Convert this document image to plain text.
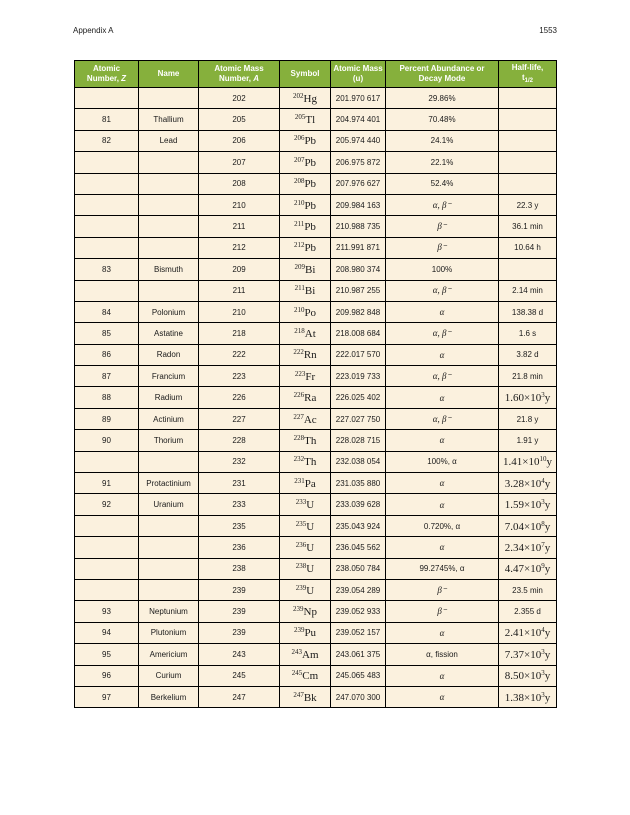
Appendix A	1553
Atomic Number, Z	Name	Atomic Mass Number, A	Symbol	Atomic Mass (u)	Percent Abundance or Decay Mode	Half-life,
$t_{1/2}$
		202	$^{202}$Hg	201.970 617	29.86%	
81	Thallium	205	$^{205}$Tl	204.974 401	70.48%	
82	Lead	206	$^{206}$Pb	205.974 440	24.1%	
		207	$^{207}$Pb	206.975 872	22.1%	
		208	$^{208}$Pb	207.976 627	52.4%	
		210	$^{210}$Pb	209.984 163	α, β⁻	22.3 y
		211	$^{211}$Pb	210.988 735	β⁻	36.1 min
		212	$^{212}$Pb	211.991 871	β⁻	10.64 h
83	Bismuth	209	$^{209}$Bi	208.980 374	100%	
		211	$^{211}$Bi	210.987 255	α, β⁻	2.14 min
84	Polonium	210	$^{210}$Po	209.982 848	α	138.38 d
85	Astatine	218	$^{218}$At	218.008 684	α, β⁻	1.6 s
86	Radon	222	$^{222}$Rn	222.017 570	α	3.82 d
87	Francium	223	$^{223}$Fr	223.019 733	α, β⁻	21.8 min
88	Radium	226	$^{226}$Ra	226.025 402	α	$1.60\times 10^3y$
89	Actinium	227	$^{227}$Ac	227.027 750	α, β⁻	21.8 y
90	Thorium	228	$^{228}$Th	228.028 715	α	1.91 y
		232	$^{232}$Th	232.038 054	100%, α	$1.41\times 10^{10}y$
91	Protactinium	231	$^{231}$Pa	231.035 880	α	$3.28\times 10^4y$
92	Uranium	233	$^{233}$U	233.039 628	α	$1.59\times 10^3y$
		235	$^{235}$U	235.043 924	0.720%, α	$7.04\times 10^8y$
		236	$^{236}$U	236.045 562	α	$2.34\times 10^7y$
		238	$^{238}$U	238.050 784	99.2745%, α	$4.47\times 10^9y$
		239	$^{239}$U	239.054 289	β⁻	23.5 min
93	Neptunium	239	$^{239}$Np	239.052 933	β⁻	2.355 d
94	Plutonium	239	$^{239}$Pu	239.052 157	α	$2.41\times 10^4y$
95	Americium	243	$^{243}$Am	243.061 375	α, fission	$7.37\times 10^3y$
96	Curium	245	$^{245}$Cm	245.065 483	α	$8.50\times 10^3y$
97	Berkelium	247	$^{247}$Bk	247.070 300	α	$1.38\times 10^3y$
